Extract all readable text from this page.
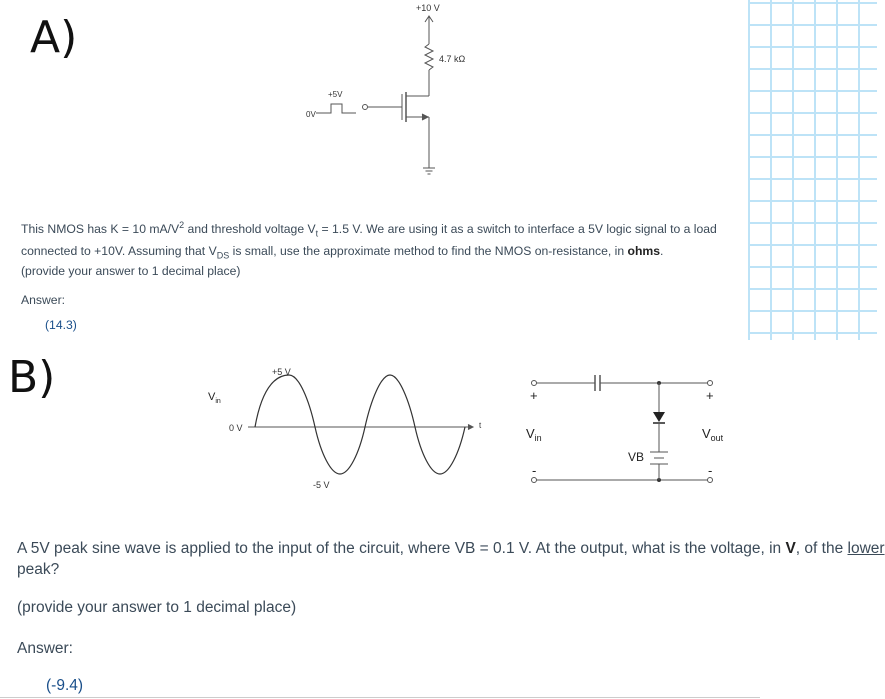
A)
+10 V
4.7 kΩ
+5V
0V
This NMOS has K = 10 $mA/V^2$ and threshold voltage $V_t = 1.5$ V. We are using it as a switch to interface a 5V logic signal to a load
connected to +10V. Assuming that $V_{DS}$ is small, use the approximate method to find the NMOS on-resistance, in ohms.
(provide your answer to 1 decimal place)
Answer:
(14.3)
B)	$V_{in}$
0 V
+5 V
-5 V
t
+	+
-	-
$V_{in}$	$V_{out}$
VB
A 5V peak sine wave is applied to the input of the circuit, where VB = 0.1 V. At the output, what is the voltage, in V, of the lower
peak?
(provide your answer to 1 decimal place)
Answer:
(-9.4)
